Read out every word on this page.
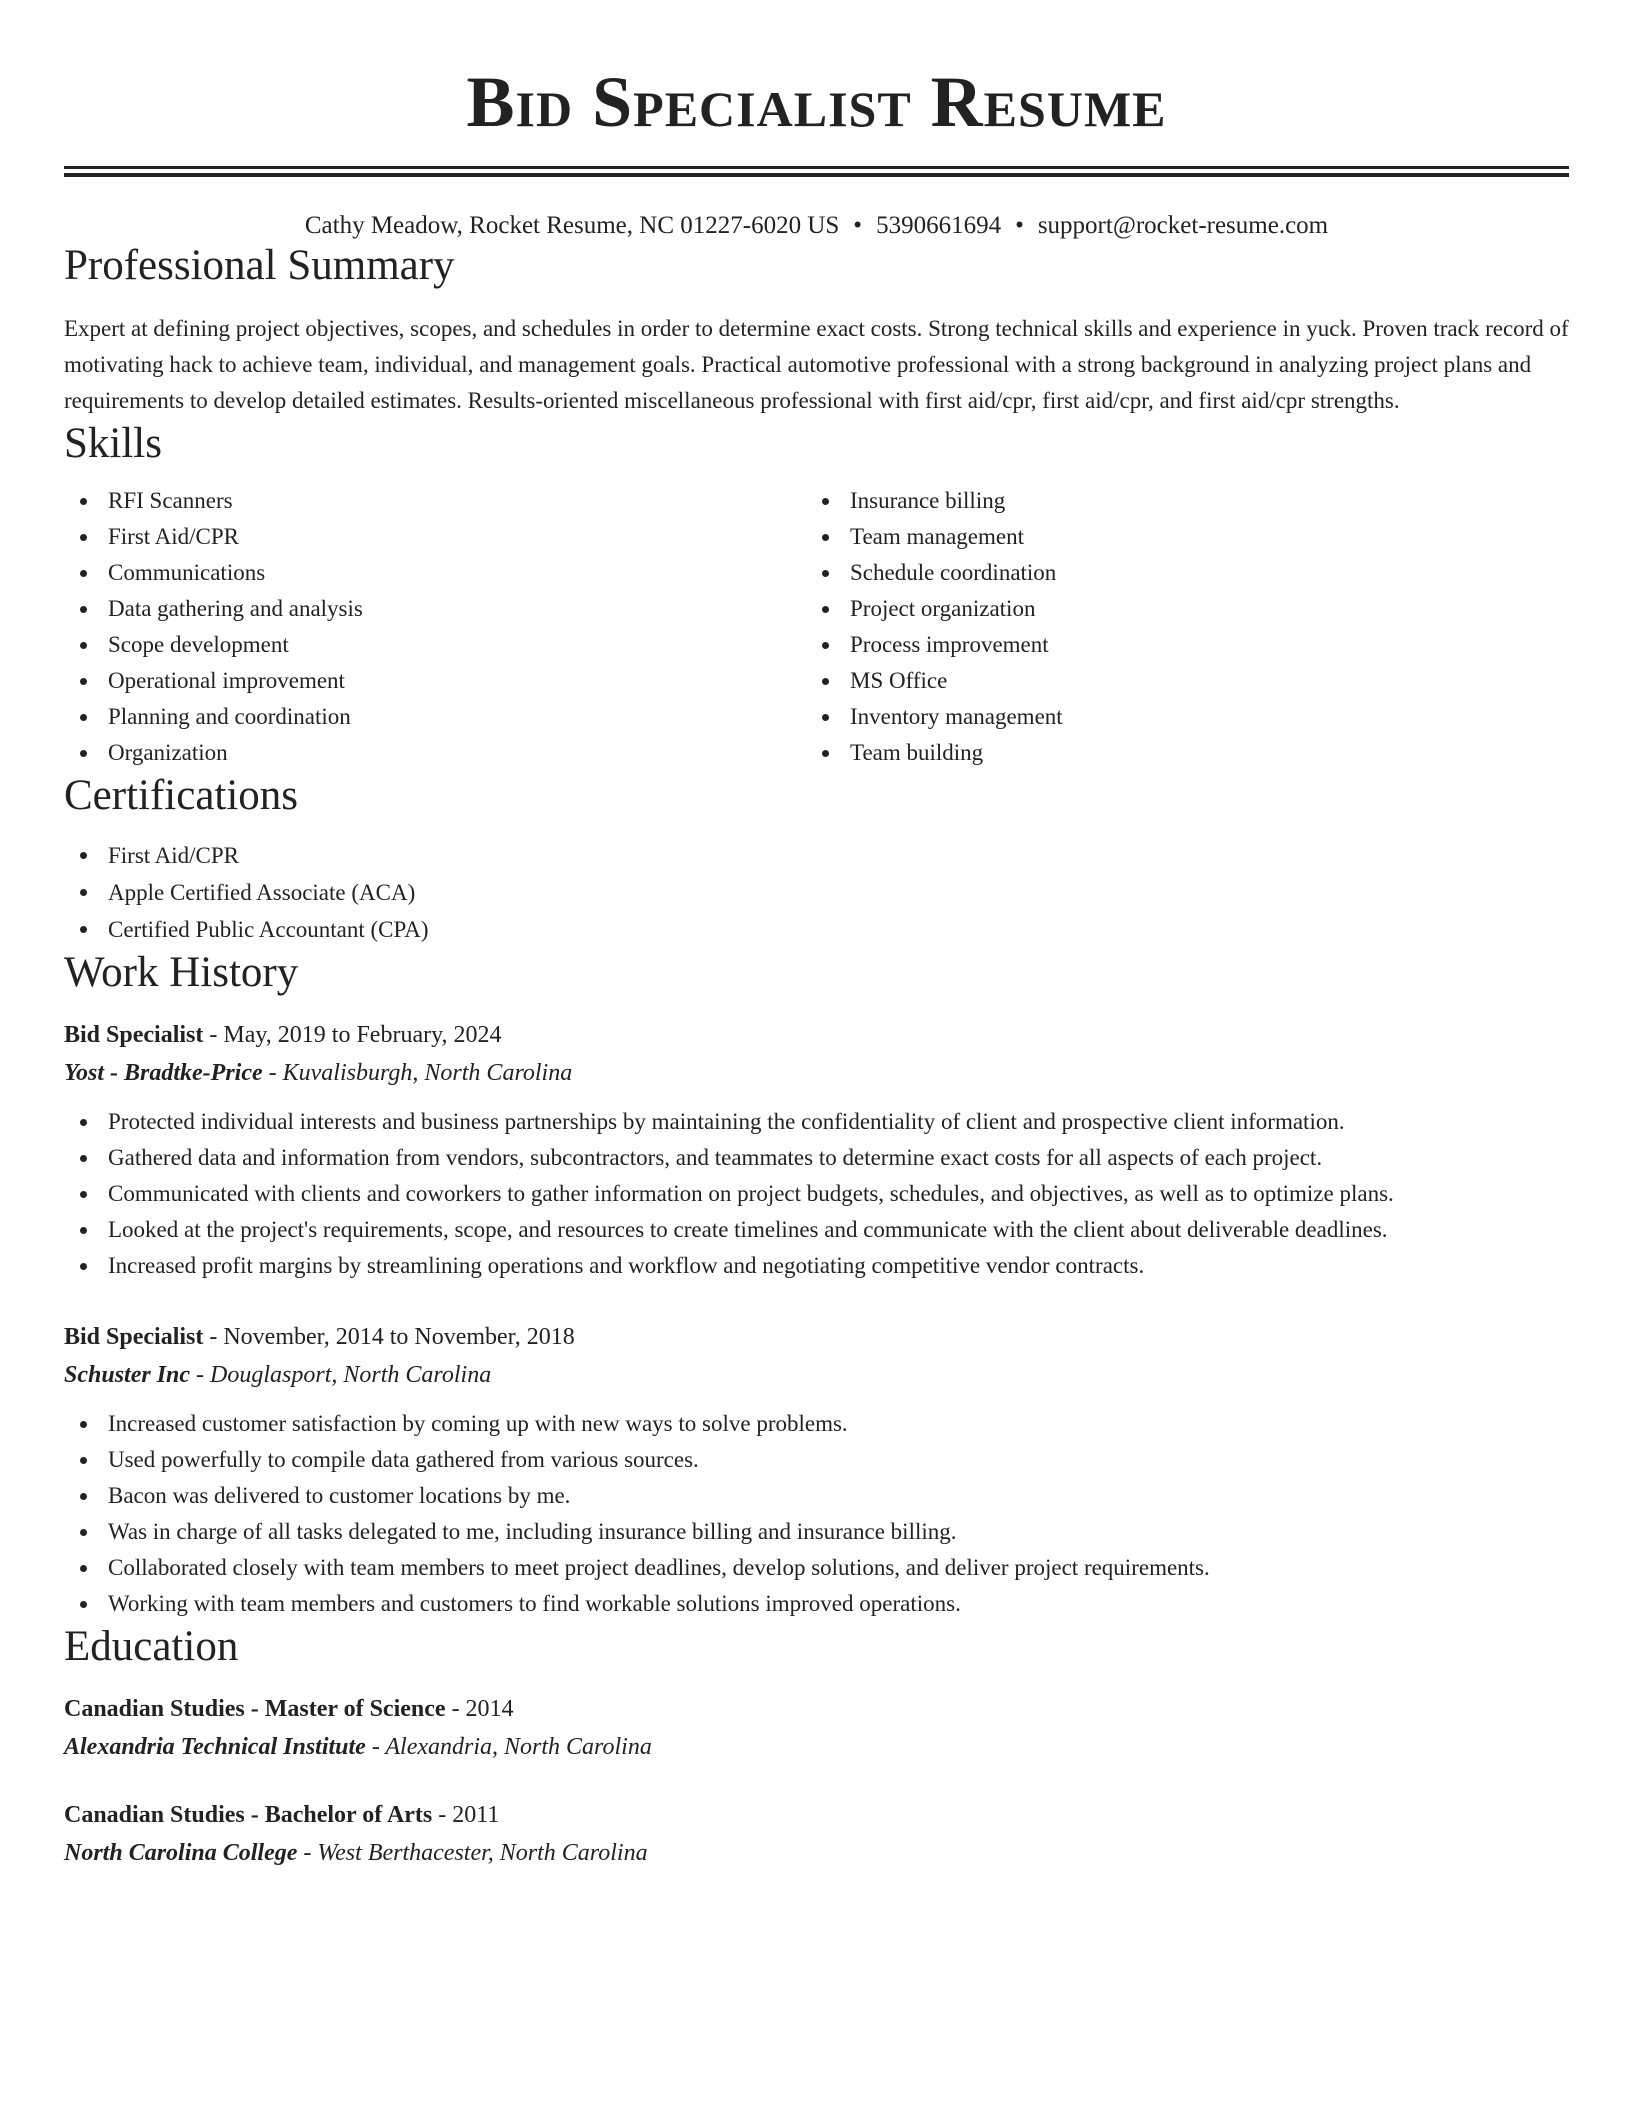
Bid Specialist Resume
Cathy Meadow, Rocket Resume, NC 01227-6020 US • 5390661694 • support@rocket-resume.com
Professional Summary

Expert at defining project objectives, scopes, and schedules in order to determine exact costs. Strong technical skills and experience in yuck. Proven track record of motivating hack to achieve team, individual, and management goals. Practical automotive professional with a strong background in analyzing project plans and requirements to develop detailed estimates. Results-oriented miscellaneous professional with first aid/cpr, first aid/cpr, and first aid/cpr strengths.

Skills
RFI Scanners
First Aid/CPR
Communications
Data gathering and analysis
Scope development
Operational improvement
Planning and coordination
Organization
Insurance billing
Team management
Schedule coordination
Project organization
Process improvement
MS Office
Inventory management
Team building
Certifications
First Aid/CPR
Apple Certified Associate (ACA)
Certified Public Accountant (CPA)
Work History
Bid Specialist - May, 2019 to February, 2024
Yost - Bradtke-Price - Kuvalisburgh, North Carolina
Protected individual interests and business partnerships by maintaining the confidentiality of client and prospective client information.
Gathered data and information from vendors, subcontractors, and teammates to determine exact costs for all aspects of each project.
Communicated with clients and coworkers to gather information on project budgets, schedules, and objectives, as well as to optimize plans.
Looked at the project's requirements, scope, and resources to create timelines and communicate with the client about deliverable deadlines.
Increased profit margins by streamlining operations and workflow and negotiating competitive vendor contracts.
Bid Specialist - November, 2014 to November, 2018
Schuster Inc - Douglasport, North Carolina
Increased customer satisfaction by coming up with new ways to solve problems.
Used powerfully to compile data gathered from various sources.
Bacon was delivered to customer locations by me.
Was in charge of all tasks delegated to me, including insurance billing and insurance billing.
Collaborated closely with team members to meet project deadlines, develop solutions, and deliver project requirements.
Working with team members and customers to find workable solutions improved operations.
Education
Canadian Studies - Master of Science - 2014
Alexandria Technical Institute - Alexandria, North Carolina
Canadian Studies - Bachelor of Arts - 2011
North Carolina College - West Berthacester, North Carolina
